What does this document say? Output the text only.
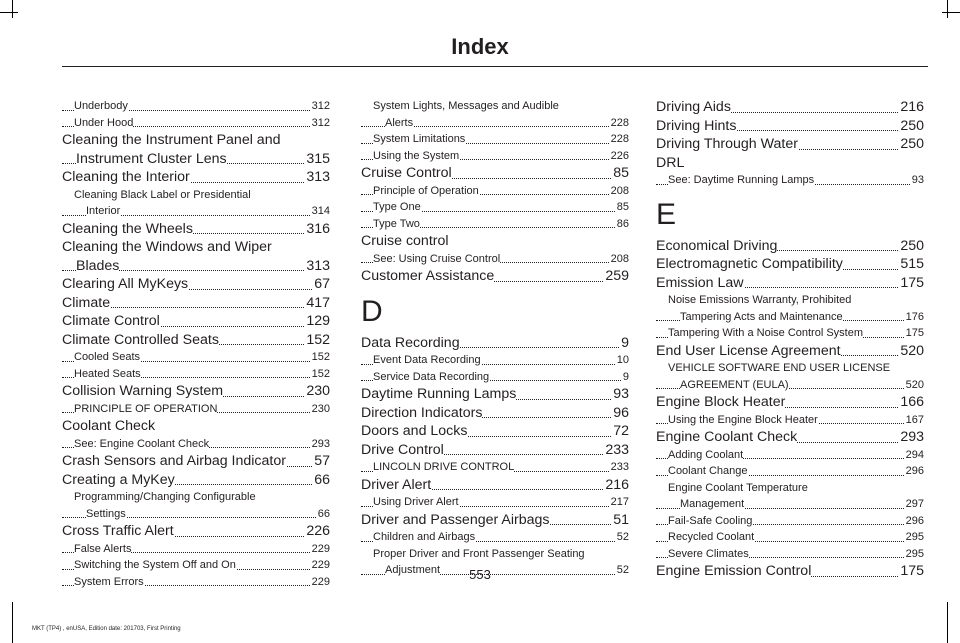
Index
Underbody	312
Under Hood	312
Cleaning the Instrument Panel and
Instrument Cluster Lens	315
Cleaning the Interior	313
Cleaning Black Label or Presidential
Interior	314
Cleaning the Wheels	316
Cleaning the Windows and Wiper
Blades	313
Clearing All MyKeys	67
Climate	417
Climate Control	129
Climate Controlled Seats	152
Cooled Seats	152
Heated Seats	152
Collision Warning System	230
PRINCIPLE OF OPERATION	230
Coolant Check
See: Engine Coolant Check	293
Crash Sensors and Airbag Indicator 57
Creating a MyKey	66
Programming/Changing Configurable
Settings	66
Cross Traffic Alert	226
False Alerts	229
Switching the System Off and On	229
System Errors	229
System Lights, Messages and Audible
Alerts	228
System Limitations	228
Using the System	226
Cruise Control	85
Principle of Operation	208
Type One	85
Type Two	86
Cruise control
See: Using Cruise Control	208
Customer Assistance	259
D
Data Recording	9
Event Data Recording	10
Service Data Recording	9
Daytime Running Lamps	93
Direction Indicators	96
Doors and Locks	72
Drive Control	233
LINCOLN DRIVE CONTROL	233
Driver Alert	216
Using Driver Alert	217
Driver and Passenger Airbags	51
Children and Airbags	52
Proper Driver and Front Passenger Seating
Adjustment	52
Driving Aids	216
Driving Hints	250
Driving Through Water	250
DRL
See: Daytime Running Lamps	93
E
Economical Driving	250
Electromagnetic Compatibility	515
Emission Law	175
Noise Emissions Warranty, Prohibited
Tampering Acts and Maintenance	176
Tampering With a Noise Control System	175
End User License Agreement	520
VEHICLE SOFTWARE END USER LICENSE
AGREEMENT (EULA)	520
Engine Block Heater	166
Using the Engine Block Heater	167
Engine Coolant Check	293
Adding Coolant	294
Coolant Change	296
Engine Coolant Temperature
Management	297
Fail-Safe Cooling	296
Recycled Coolant	295
Severe Climates	295
Engine Emission Control	175
553
MKT (TP4) , enUSA, Edition date: 201703, First Printing
